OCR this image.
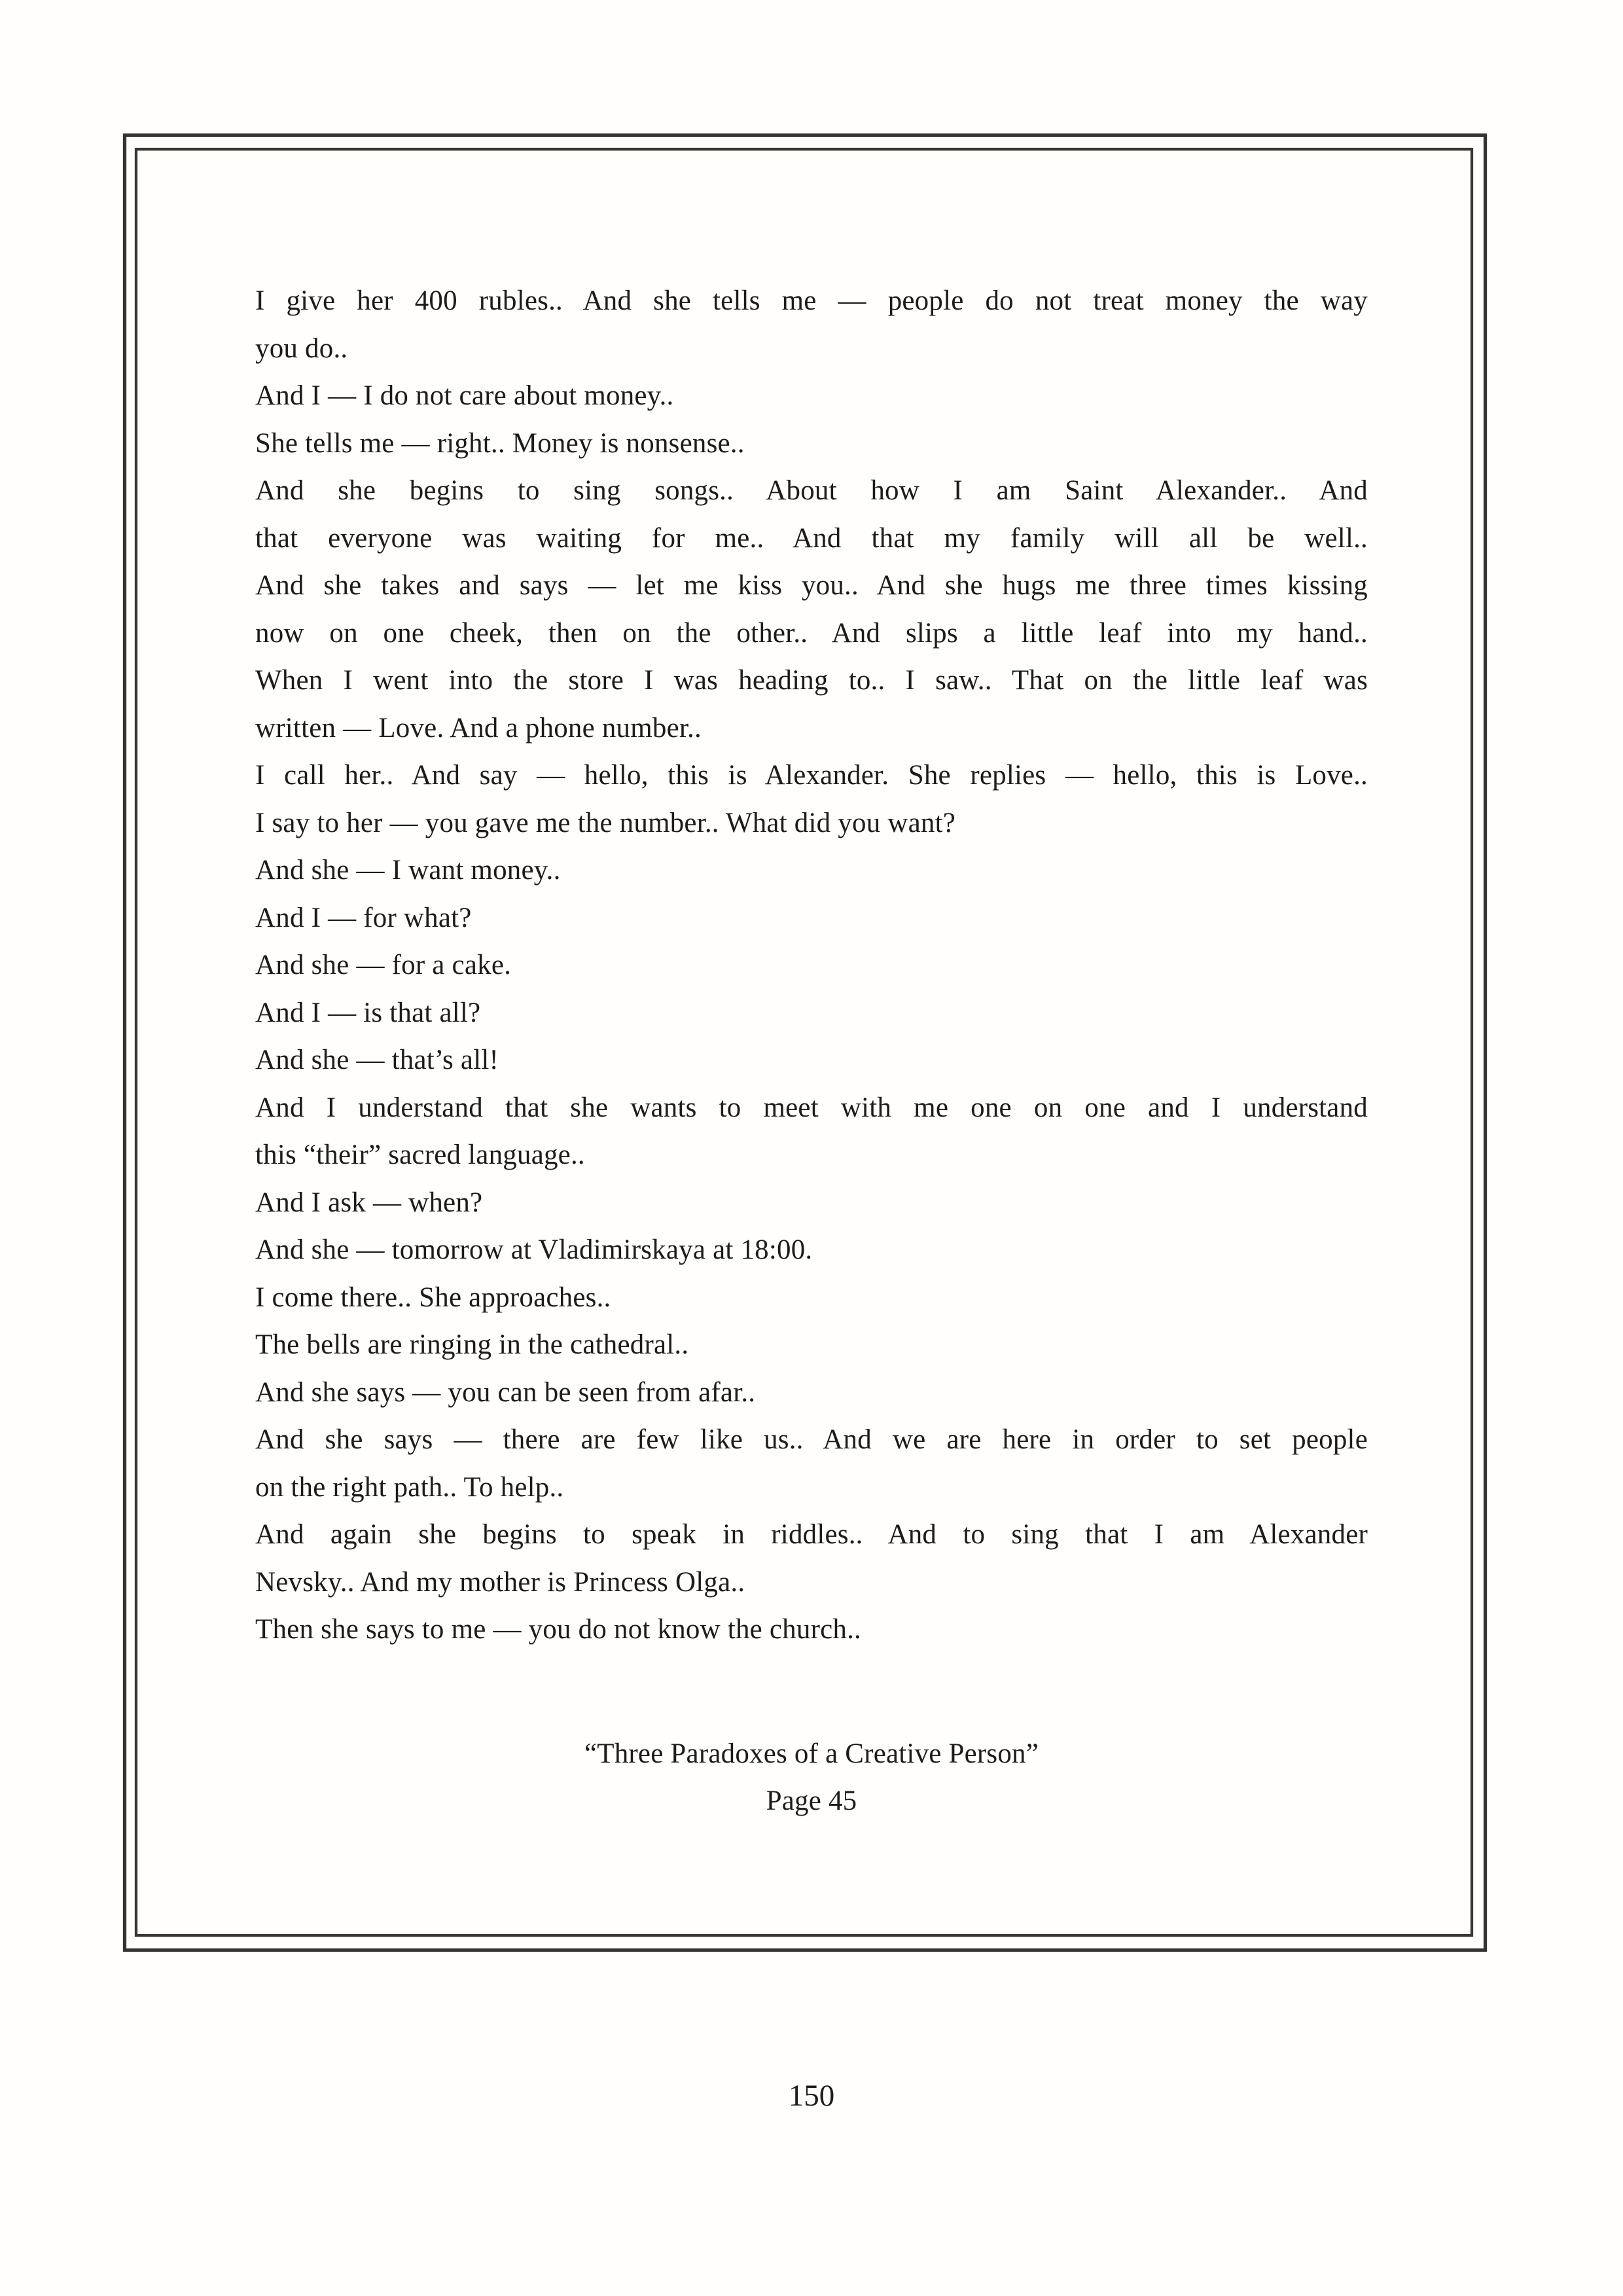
I give her 400 rubles.. And she tells me — people do not treat money the way
you do..
And I — I do not care about money..
She tells me — right.. Money is nonsense..
And she begins to sing songs.. About how I am Saint Alexander.. And
that everyone was waiting for me.. And that my family will all be well..
And she takes and says — let me kiss you.. And she hugs me three times kissing
now on one cheek, then on the other.. And slips a little leaf into my hand..
When I went into the store I was heading to.. I saw.. That on the little leaf was
written — Love. And a phone number..
I call her.. And say — hello, this is Alexander. She replies — hello, this is Love..
I say to her — you gave me the number.. What did you want?
And she — I want money..
And I — for what?
And she — for a cake.
And I — is that all?
And she — that’s all!
And I understand that she wants to meet with me one on one and I understand
this “their” sacred language..
And I ask — when?
And she — tomorrow at Vladimirskaya at 18:00.
I come there.. She approaches..
The bells are ringing in the cathedral..
And she says — you can be seen from afar..
And she says — there are few like us.. And we are here in order to set people
on the right path.. To help..
And again she begins to speak in riddles.. And to sing that I am Alexander
Nevsky.. And my mother is Princess Olga..
Then she says to me — you do not know the church..
“Three Paradoxes of a Creative Person”
Page 45
150
